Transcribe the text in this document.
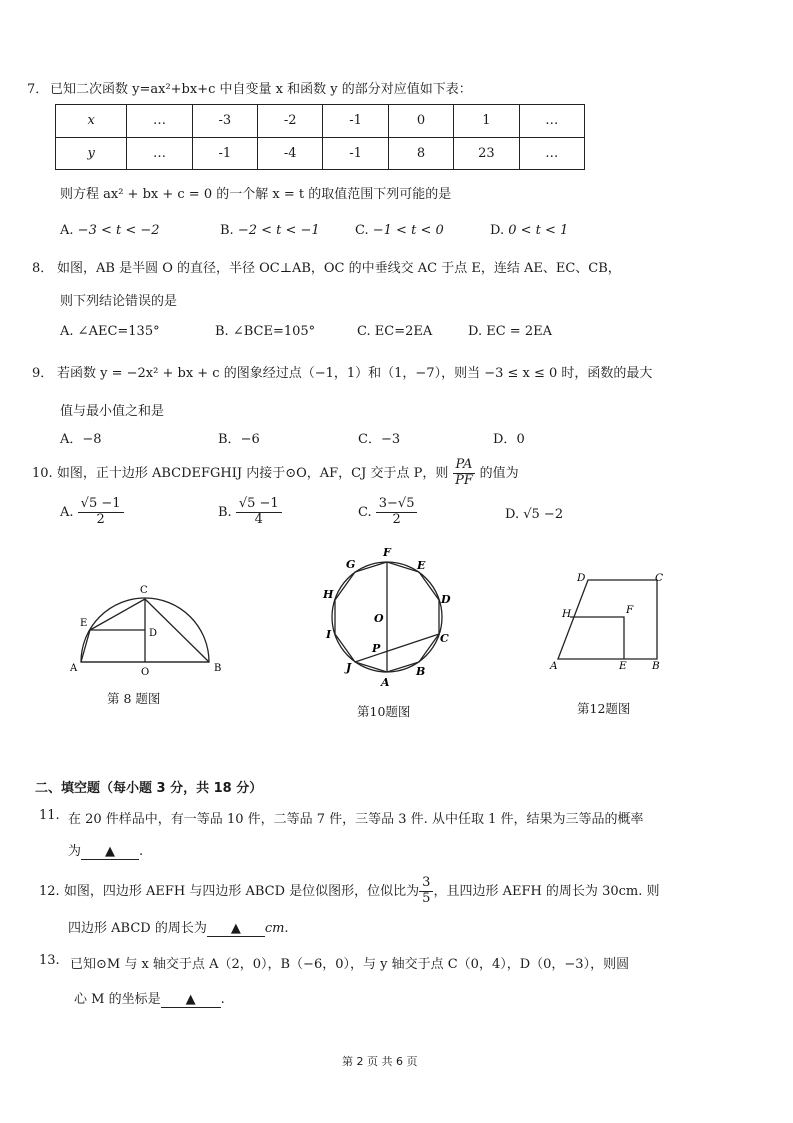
7． 已知二次函数 y=ax²+bx+c 中自变量 x 和函数 y 的部分对应值如下表：
x	…	-3	-2	-1	0	1	…
y	…	-1	-4	-1	8	23	…
则方程 ax² + bx + c = 0 的一个解 x = t 的取值范围下列可能的是
A. −3 < t < −2	B. −2 < t < −1	C. −1 < t < 0	D. 0 < t < 1
8． 如图，AB 是半圆 O 的直径，半径 OC⊥AB，OC 的中垂线交 AC 于点 E，连结 AE、EC、CB，
则下列结论错误的是
A. ∠AEC=135°	B. ∠BCE=105°	C. EC=2EA	D. EC = 2EA
9． 若函数 y = −2x² + bx + c 的图象经过点（−1，1）和（1，−7），则当 −3 ≤ x ≤ 0 时，函数的最大
值与最小值之和是
A．−8	B．−6	C．−3	D．0
10. 如图，正十边形 ABCDEFGHIJ 内接于⊙O，AF，CJ 交于点 P，则 $\frac{PA}{PF}$ 的值为
A. $\frac{√5 -1}{2}$	B. $\frac{√5 -1}{4}$	C. $\frac{3-√5}{2}$	D. √5 −2
C
E
D
A	O	B
第 8 题图
F
E
G
H	D
O
I	C
P
J	B
A
第10题图
D	C
H	F
A	E B
第12题图
二、填空题（每小题 3 分，共 18 分）
11. 在 20 件样品中，有一等品 10 件，二等品 7 件，三等品 3 件. 从中任取 1 件，结果为三等品的概率
为 ▲ .
12. 如图，四边形 AEFH 与四边形 ABCD 是位似图形，位似比为 $\frac{3}{5}$ ，且四边形 AEFH 的周长为 30cm. 则
四边形 ABCD 的周长为 ▲ cm.
13. 已知⊙M 与 x 轴交于点 A（2，0），B（−6，0），与 y 轴交于点 C（0，4），D（0，−3），则圆
心 M 的坐标是 ▲ .
第 2 页 共 6 页
